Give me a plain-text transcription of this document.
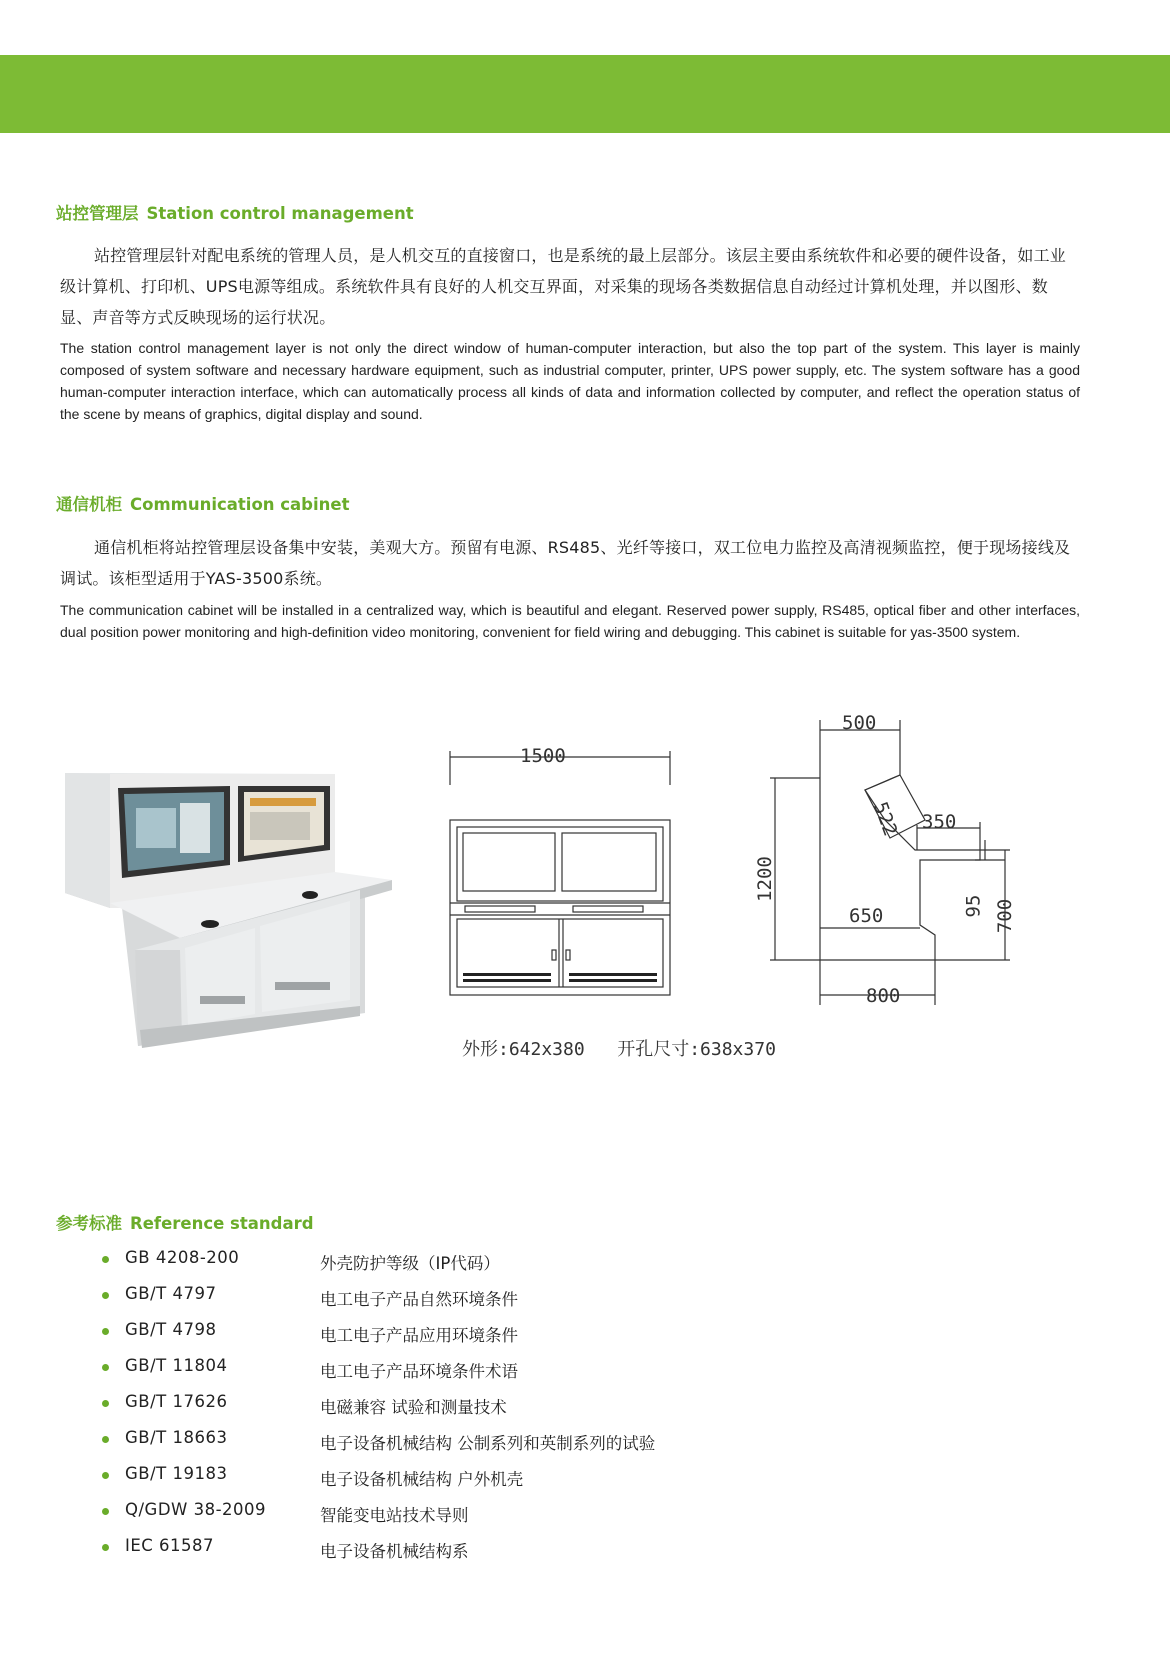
站控管理层 Station control management

站控管理层针对配电系统的管理人员，是人机交互的直接窗口，也是系统的最上层部分。该层主要由系统软件和必要的硬件设备，如工业级计算机、打印机、UPS电源等组成。系统软件具有良好的人机交互界面，对采集的现场各类数据信息自动经过计算机处理，并以图形、数显、声音等方式反映现场的运行状况。

The station control management layer is not only the direct window of human-computer interaction, but also the top part of the system. This layer is mainly composed of system software and necessary hardware equipment, such as industrial computer, printer, UPS power supply, etc. The system software has a good human-computer interaction interface, which can automatically process all kinds of data and information collected by computer, and reflect the operation status of the scene by means of graphics, digital display and sound.

通信机柜 Communication cabinet

通信机柜将站控管理层设备集中安装，美观大方。预留有电源、RS485、光纤等接口，双工位电力监控及高清视频监控，便于现场接线及调试。该柜型适用于YAS-3500系统。

The communication cabinet will be installed in a centralized way, which is beautiful and elegant. Reserved power supply, RS485, optical fiber and other interfaces, dual position power monitoring and high-definition video monitoring, convenient for field wiring and debugging. This cabinet is suitable for yas-3500 system.

1500
500
522 350
1200
650	95 700
800
外形:642x380   开孔尺寸:638x370
参考标准 Reference standard
GB 4208-200	外壳防护等级（IP代码）
GB/T 4797	电工电子产品自然环境条件
GB/T 4798	电工电子产品应用环境条件
GB/T 11804	电工电子产品环境条件术语
GB/T 17626	电磁兼容 试验和测量技术
GB/T 18663	电子设备机械结构 公制系列和英制系列的试验
GB/T 19183	电子设备机械结构 户外机壳
Q/GDW 38-2009	智能变电站技术导则
IEC 61587	电子设备机械结构系
